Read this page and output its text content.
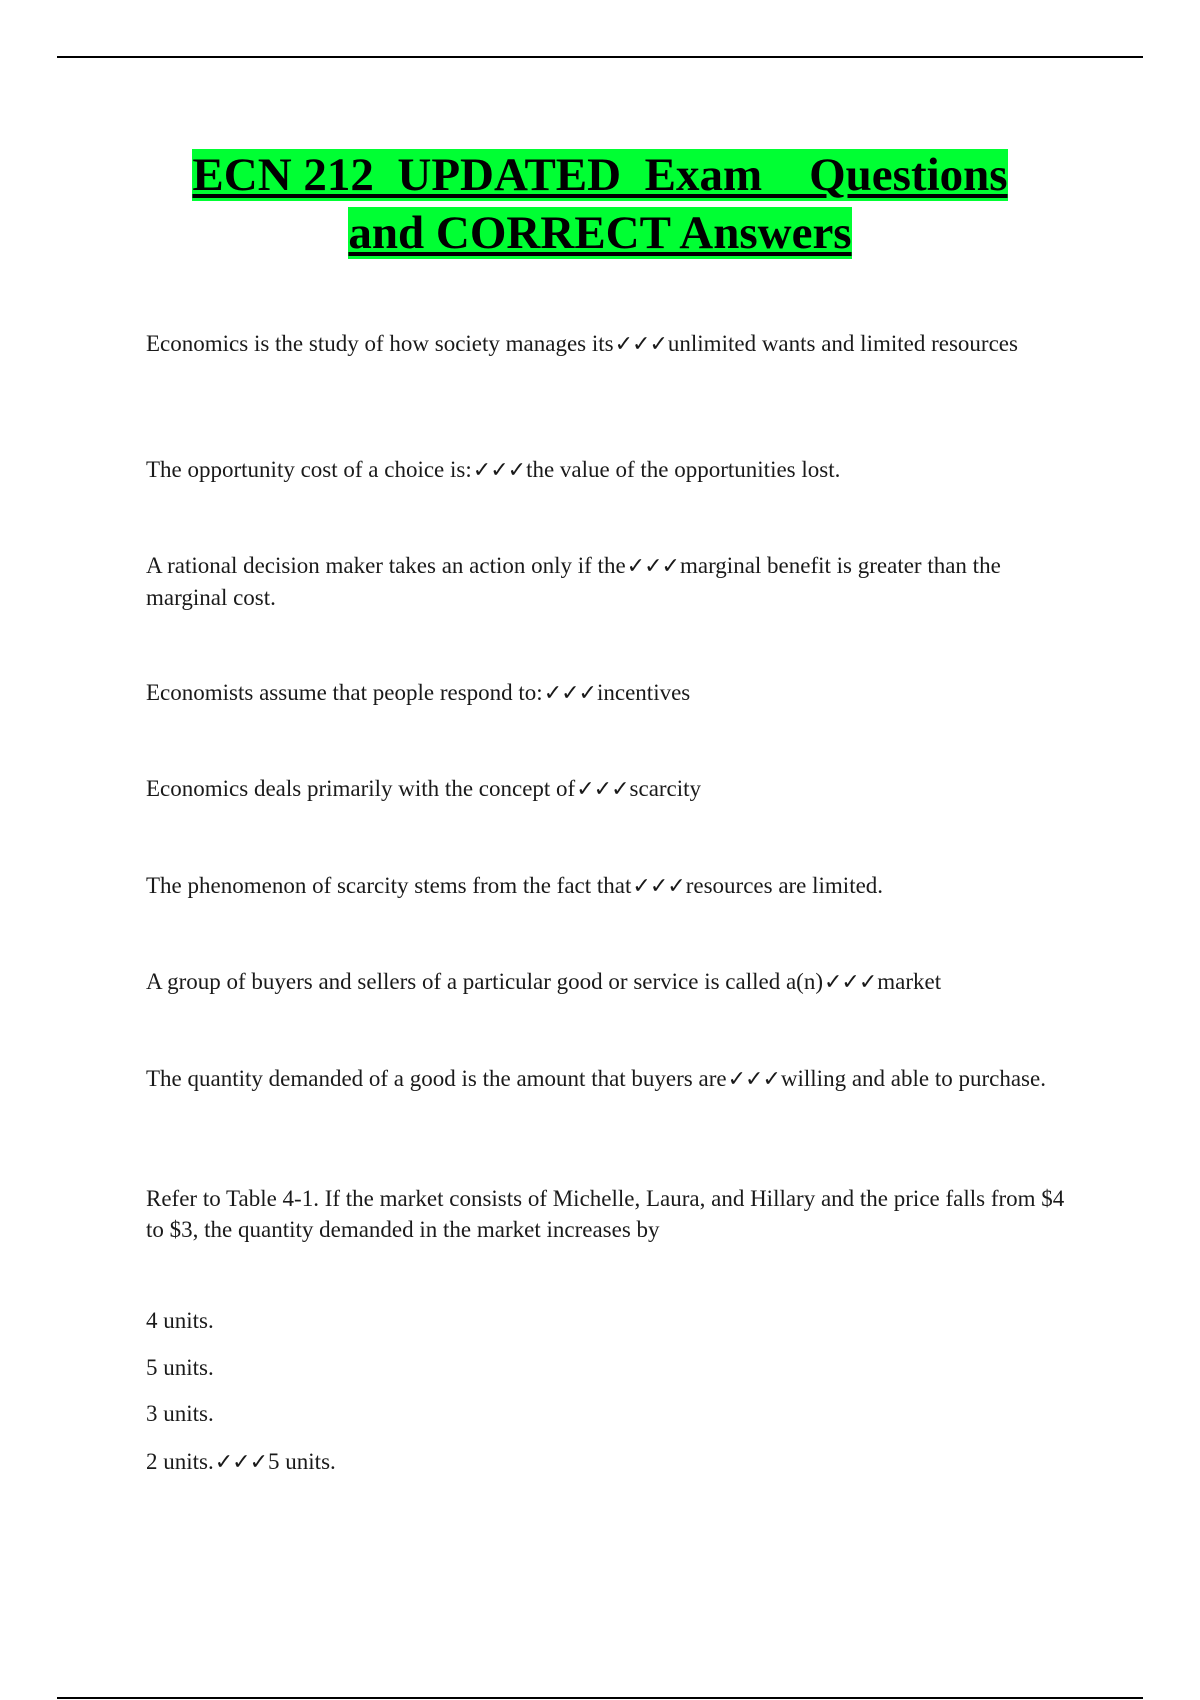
ECN 212  UPDATED  Exam    Questions
and CORRECT Answers
Economics is the study of how society manages its✓✓✓unlimited wants and limited resources
The opportunity cost of a choice is:✓✓✓the value of the opportunities lost.
A rational decision maker takes an action only if the✓✓✓marginal benefit is greater than the marginal cost.
Economists assume that people respond to:✓✓✓incentives
Economics deals primarily with the concept of✓✓✓scarcity
The phenomenon of scarcity stems from the fact that✓✓✓resources are limited.
A group of buyers and sellers of a particular good or service is called a(n)✓✓✓market
The quantity demanded of a good is the amount that buyers are✓✓✓willing and able to purchase.
Refer to Table 4-1. If the market consists of Michelle, Laura, and Hillary and the price falls from $4 to $3, the quantity demanded in the market increases by
4 units.
5 units.
3 units.
2 units.✓✓✓5 units.
